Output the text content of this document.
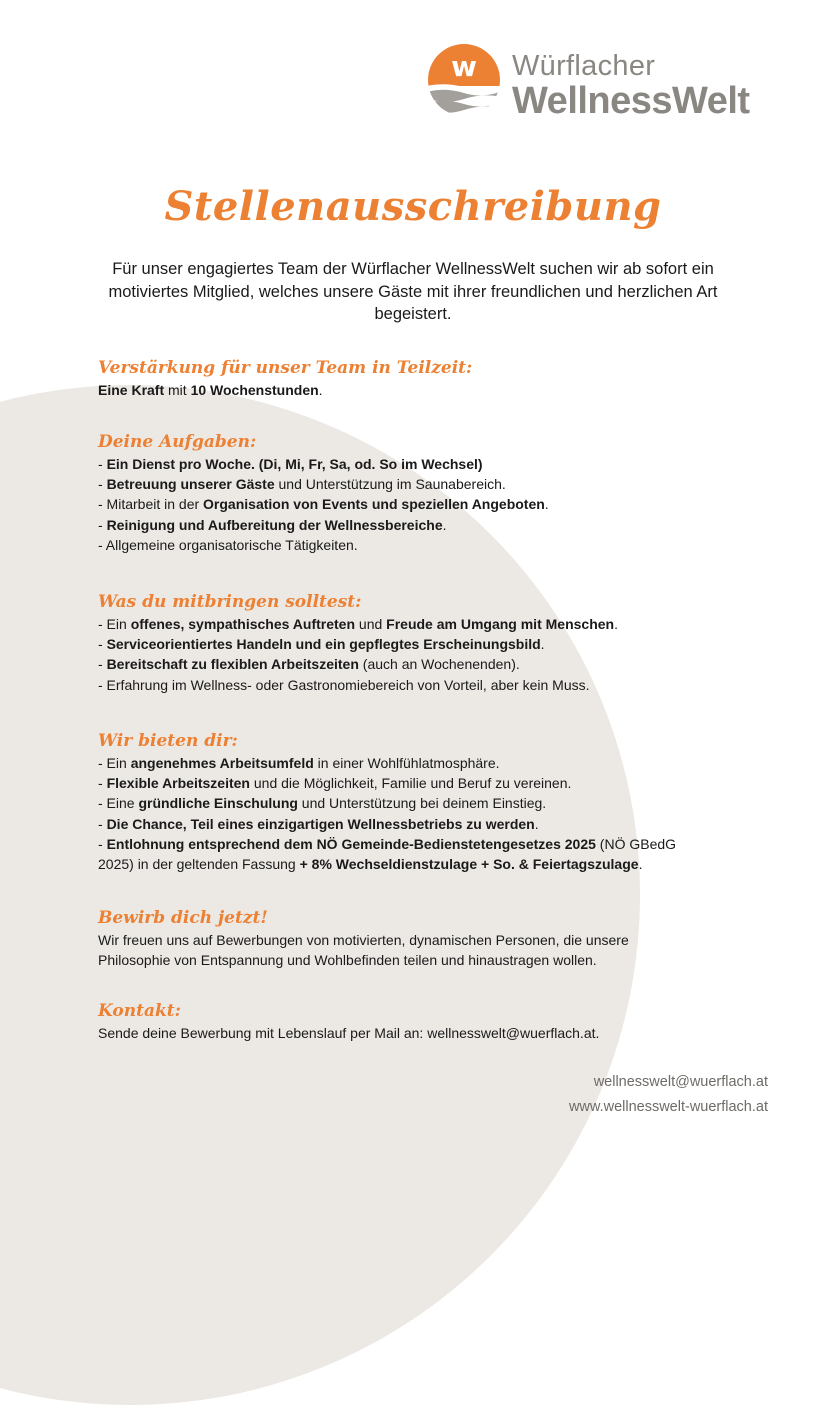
w Würflacher
WellnessWelt
Stellenausschreibung
Für unser engagiertes Team der Würflacher WellnessWelt suchen wir ab sofort ein motiviertes Mitglied, welches unsere Gäste mit ihrer freundlichen und herzlichen Art begeistert.
Verstärkung für unser Team in Teilzeit:
Eine Kraft mit 10 Wochenstunden.
Deine Aufgaben:
- Ein Dienst pro Woche. (Di, Mi, Fr, Sa, od. So im Wechsel)
- Betreuung unserer Gäste und Unterstützung im Saunabereich.
- Mitarbeit in der Organisation von Events und speziellen Angeboten.
- Reinigung und Aufbereitung der Wellnessbereiche.
- Allgemeine organisatorische Tätigkeiten.
Was du mitbringen solltest:
- Ein offenes, sympathisches Auftreten und Freude am Umgang mit Menschen.
- Serviceorientiertes Handeln und ein gepflegtes Erscheinungsbild.
- Bereitschaft zu flexiblen Arbeitszeiten (auch an Wochenenden).
- Erfahrung im Wellness- oder Gastronomiebereich von Vorteil, aber kein Muss.
Wir bieten dir:
- Ein angenehmes Arbeitsumfeld in einer Wohlfühlatmosphäre.
- Flexible Arbeitszeiten und die Möglichkeit, Familie und Beruf zu vereinen.
- Eine gründliche Einschulung und Unterstützung bei deinem Einstieg.
- Die Chance, Teil eines einzigartigen Wellnessbetriebs zu werden.
- Entlohnung entsprechend dem NÖ Gemeinde-Bedienstetengesetzes 2025 (NÖ GBedG
2025) in der geltenden Fassung + 8% Wechseldienstzulage + So. & Feiertagszulage.
Bewirb dich jetzt!
Wir freuen uns auf Bewerbungen von motivierten, dynamischen Personen, die unsere
Philosophie von Entspannung und Wohlbefinden teilen und hinaustragen wollen.
Kontakt:
Sende deine Bewerbung mit Lebenslauf per Mail an: wellnesswelt@wuerflach.at.
wellnesswelt@wuerflach.at
www.wellnesswelt-wuerflach.at
